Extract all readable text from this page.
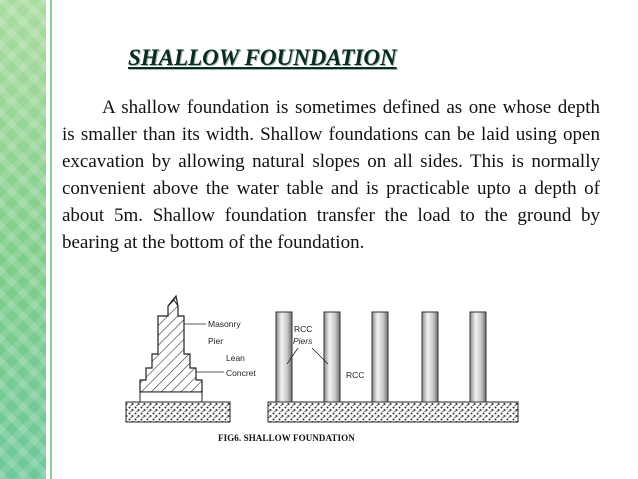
SHALLOW FOUNDATION

A shallow foundation is sometimes defined as one whose depth is smaller than its width. Shallow foundations can be laid using open excavation by allowing natural slopes on all sides. This is normally convenient above the water table and is practicable upto a depth of about 5m. Shallow foundation transfer the load to the ground by bearing at the bottom of the foundation.

Masonry
Pier
Lean
Concret
RCC
Piers
RCC
FIG6. SHALLOW FOUNDATION
